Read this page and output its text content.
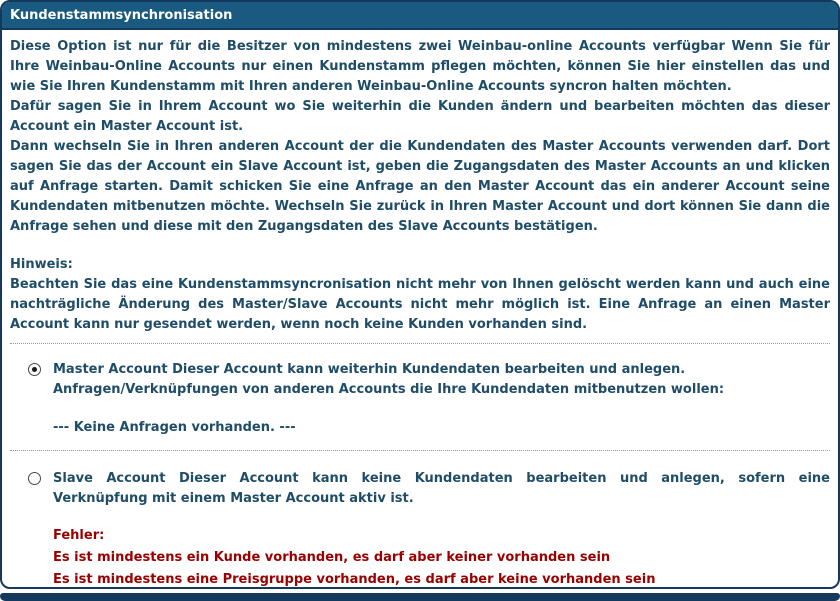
Kundenstammsynchronisation

Diese Option ist nur für die Besitzer von mindestens zwei Weinbau-online Accounts verfügbar Wenn Sie für Ihre Weinbau-Online Accounts nur einen Kundenstamm pflegen möchten, können Sie hier einstellen das und wie Sie Ihren Kundenstamm mit Ihren anderen Weinbau-Online Accounts syncron halten möchten.

Dafür sagen Sie in Ihrem Account wo Sie weiterhin die Kunden ändern und bearbeiten möchten das dieser Account ein Master Account ist.

Dann wechseln Sie in Ihren anderen Account der die Kundendaten des Master Accounts verwenden darf. Dort sagen Sie das der Account ein Slave Account ist, geben die Zugangsdaten des Master Accounts an und klicken auf Anfrage starten. Damit schicken Sie eine Anfrage an den Master Account das ein anderer Account seine Kundendaten mitbenutzen möchte. Wechseln Sie zurück in Ihren Master Account und dort können Sie dann die Anfrage sehen und diese mit den Zugangsdaten des Slave Accounts bestätigen.

Hinweis:

Beachten Sie das eine Kundenstammsyncronisation nicht mehr von Ihnen gelöscht werden kann und auch eine nachträgliche Änderung des Master/Slave Accounts nicht mehr möglich ist. Eine Anfrage an einen Master Account kann nur gesendet werden, wenn noch keine Kunden vorhanden sind.

Master Account Dieser Account kann weiterhin Kundendaten bearbeiten und anlegen.
Anfragen/Verknüpfungen von anderen Accounts die Ihre Kundendaten mitbenutzen wollen:
--- Keine Anfragen vorhanden. ---
Slave Account Dieser Account kann keine Kundendaten bearbeiten und anlegen, sofern eine Verknüpfung mit einem Master Account aktiv ist.
Fehler:
Es ist mindestens ein Kunde vorhanden, es darf aber keiner vorhanden sein
Es ist mindestens eine Preisgruppe vorhanden, es darf aber keine vorhanden sein
